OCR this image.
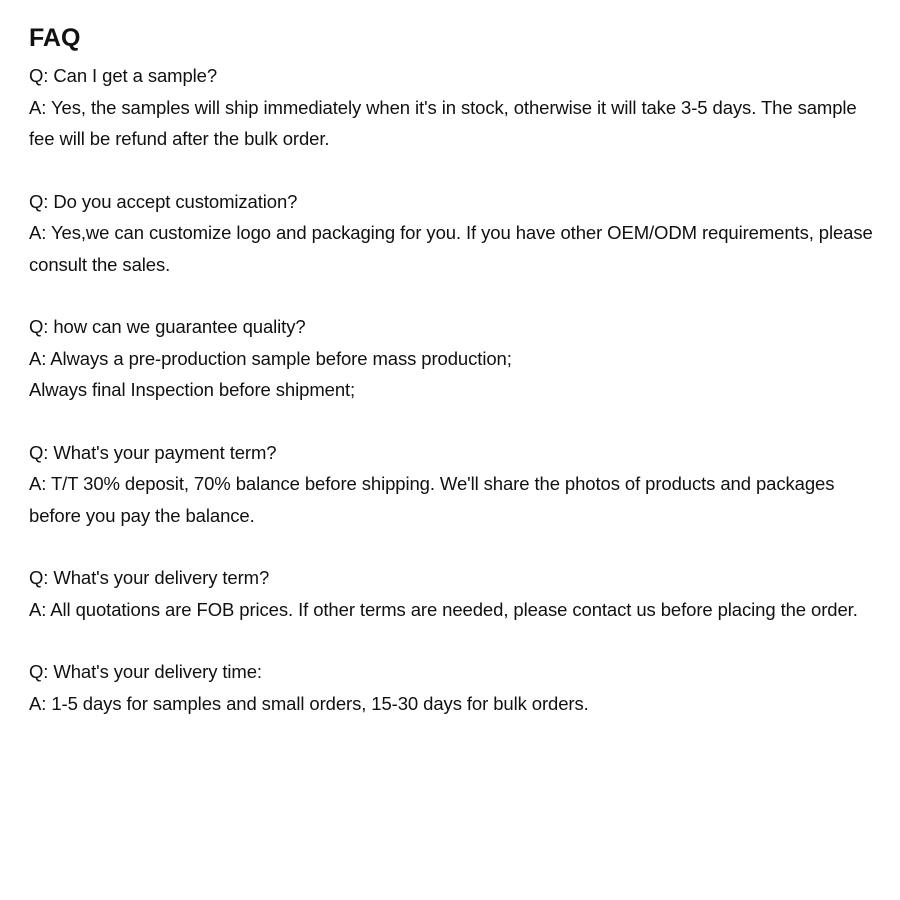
FAQ
Q: Can I get a sample?
A: Yes, the samples will ship immediately when it's in stock, otherwise it will take 3-5 days. The sample fee will be refund after the bulk order.
Q: Do you accept customization?
A: Yes,we can customize logo and packaging for you. If you have other OEM/ODM requirements, please consult the sales.
Q: how can we guarantee quality?
A: Always a pre-production sample before mass production;
Always final Inspection before shipment;
Q: What's your payment term?
A: T/T 30% deposit, 70% balance before shipping. We'll share the photos of products and packages before you pay the balance.
Q: What's your delivery term?
A: All quotations are FOB prices. If other terms are needed, please contact us before placing the order.
Q: What's your delivery time:
A: 1-5 days for samples and small orders, 15-30 days for bulk orders.
